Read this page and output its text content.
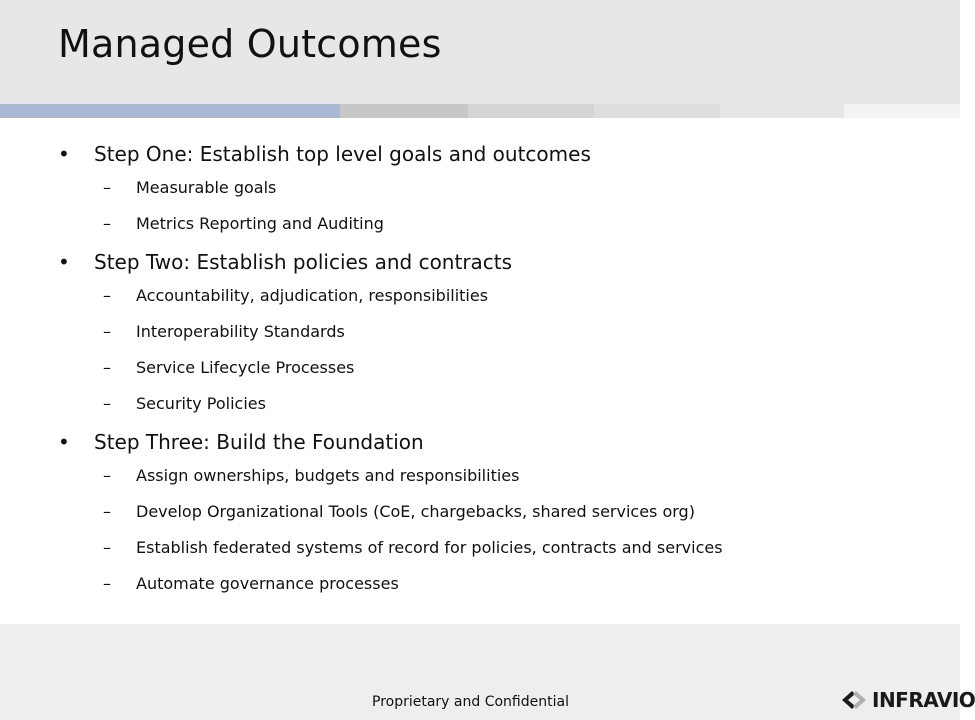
Managed Outcomes
• Step One: Establish top level goals and outcomes
– Measurable goals
– Metrics Reporting and Auditing
• Step Two: Establish policies and contracts
– Accountability, adjudication, responsibilities
– Interoperability Standards
– Service Lifecycle Processes
– Security Policies
• Step Three: Build the Foundation
– Assign ownerships, budgets and responsibilities
– Develop Organizational Tools (CoE, chargebacks, shared services org)
– Establish federated systems of record for policies, contracts and services
– Automate governance processes
Proprietary and Confidential	INFRAVIO
